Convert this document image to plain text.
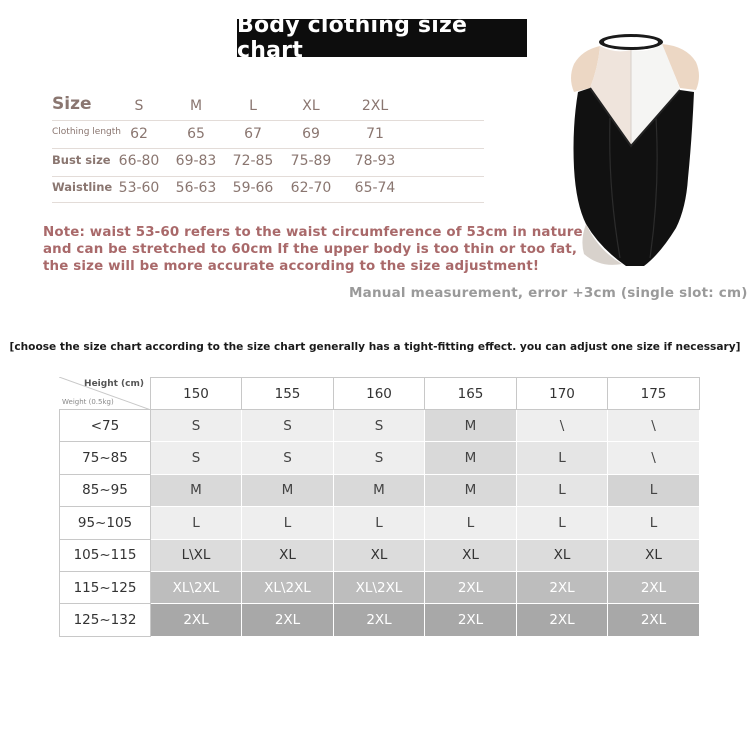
Body clothing size chart
Size	S	M	L	XL	2XL
Clothing length 62	65	67	69	71
Bust size 66-80	69-83	72-85	75-89	78-93
Waistline 53-60	56-63	59-66	62-70	65-74
Note: waist 53-60 refers to the waist circumference of 53cm in nature and can be stretched to 60cm If the upper body is too thin or too fat, the size will be more accurate according to the size adjustment!
Manual measurement, error +3cm (single slot: cm)
[choose the size chart according to the size chart generally has a tight-fitting effect. you can adjust one size if necessary]
Height (cm)
Weight (0.5kg)
150	155	160	165	170	175
<75	S	S	S	M	\	\
75~85	S	S	S	M	L	\
85~95	M	M	M	M	L	L
95~105	L	L	L	L	L	L
105~115	L\XL	XL	XL	XL	XL	XL
115~125	XL\2XL	XL\2XL	XL\2XL	2XL	2XL	2XL
125~132	2XL	2XL	2XL	2XL	2XL	2XL
